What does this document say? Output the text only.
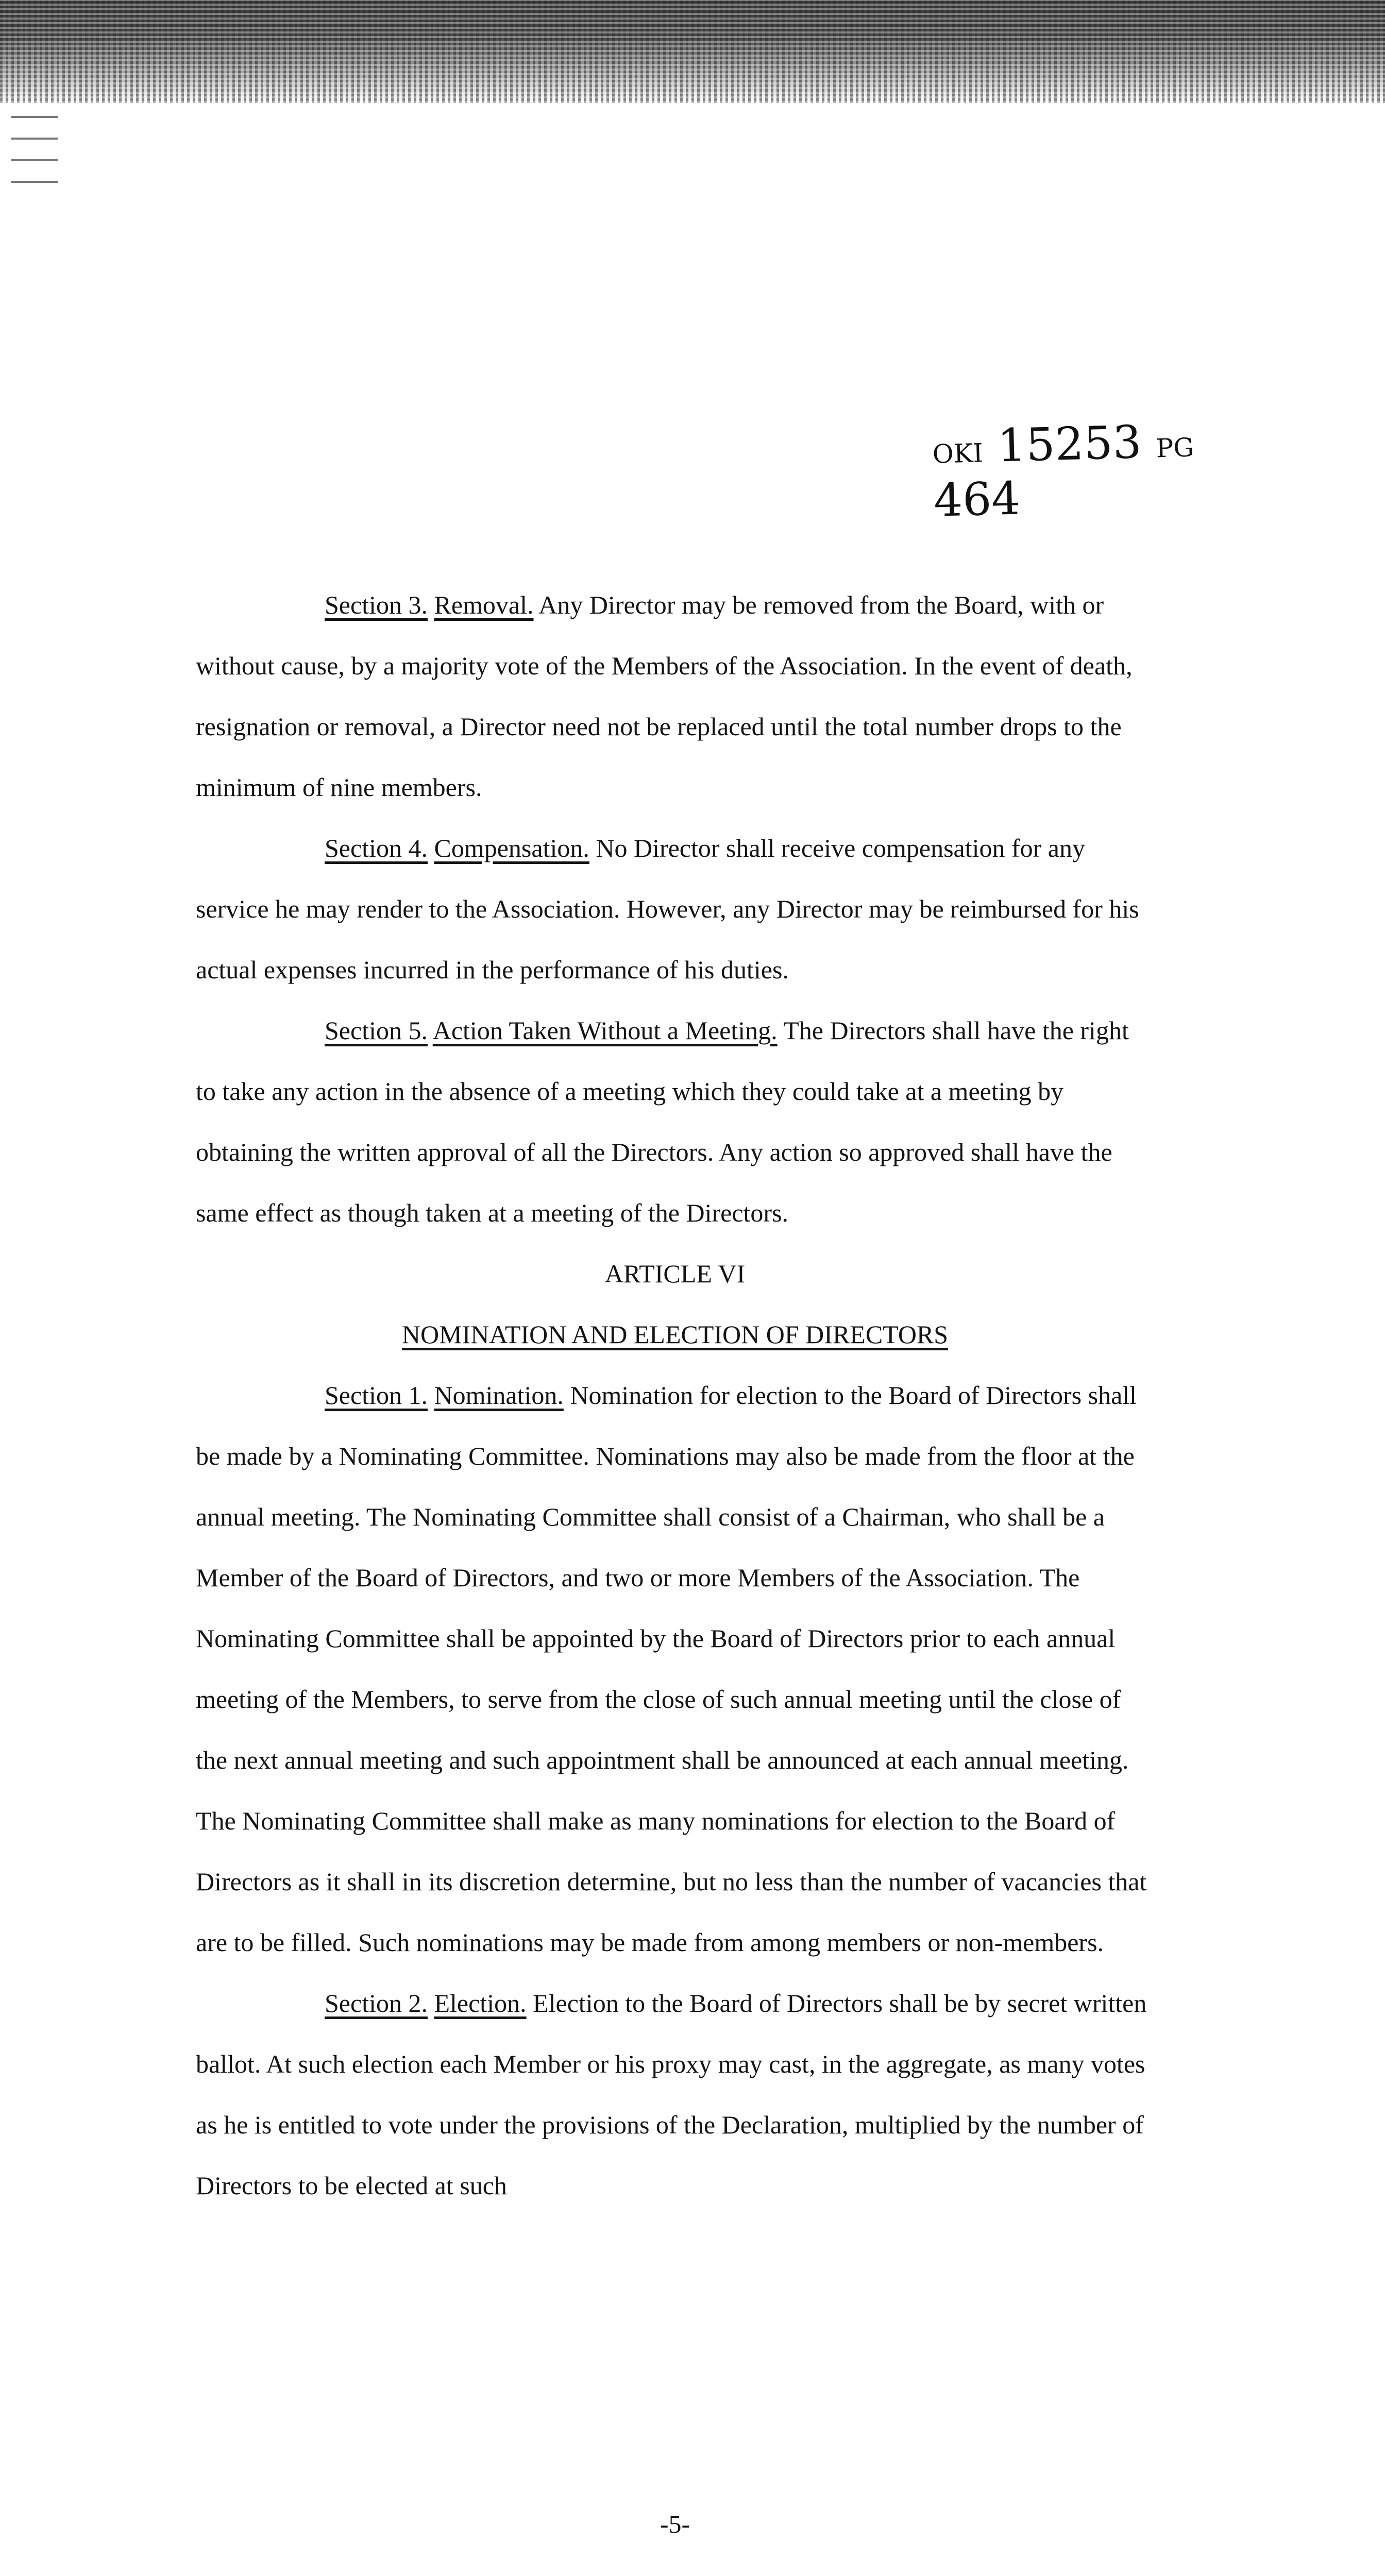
OKI 15253 PG 464

Section 3. Removal. Any Director may be removed from the Board, with or without cause, by a majority vote of the Members of the Association. In the event of death, resignation or removal, a Director need not be replaced until the total number drops to the minimum of nine members.

Section 4. Compensation. No Director shall receive compensation for any service he may render to the Association. However, any Director may be reimbursed for his actual expenses incurred in the performance of his duties.

Section 5. Action Taken Without a Meeting. The Directors shall have the right to take any action in the absence of a meeting which they could take at a meeting by obtaining the written approval of all the Directors. Any action so approved shall have the same effect as though taken at a meeting of the Directors.

ARTICLE VI

NOMINATION AND ELECTION OF DIRECTORS

Section 1. Nomination. Nomination for election to the Board of Directors shall be made by a Nominating Committee. Nominations may also be made from the floor at the annual meeting. The Nominating Committee shall consist of a Chairman, who shall be a Member of the Board of Directors, and two or more Members of the Association. The Nominating Committee shall be appointed by the Board of Directors prior to each annual meeting of the Members, to serve from the close of such annual meeting until the close of the next annual meeting and such appointment shall be announced at each annual meeting. The Nominating Committee shall make as many nominations for election to the Board of Directors as it shall in its discretion determine, but no less than the number of vacancies that are to be filled. Such nominations may be made from among members or non-members.

Section 2. Election. Election to the Board of Directors shall be by secret written ballot. At such election each Member or his proxy may cast, in the aggregate, as many votes as he is entitled to vote under the provisions of the Declaration, multiplied by the number of Directors to be elected at such

-5-
